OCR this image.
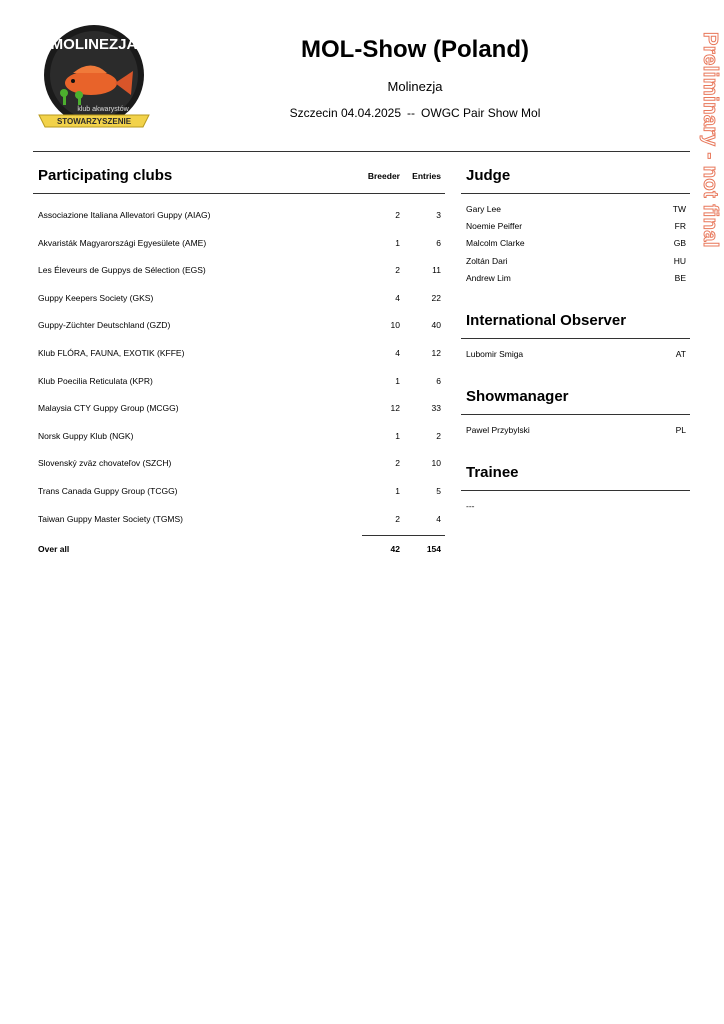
MOLINEZJA
klub akwarystów
STOWARZYSZENIE
MOL-Show (Poland)
Molinezja
Szczecin 04.04.2025 -- OWGC Pair Show Mol	Preliminary - not final
Participating clubs	Breeder Entries
Associazione Italiana Allevatori Guppy (AIAG)	2	3
Akvaristák Magyarországi Egyesülete (AME)	1	6
Les Éleveurs de Guppys de Sélection (EGS)	2	11
Guppy Keepers Society (GKS)	4	22
Guppy-Züchter Deutschland (GZD)	10	40
Klub FLÓRA, FAUNA, EXOTIK (KFFE)	4	12
Klub Poecilia Reticulata (KPR)	1	6
Malaysia CTY Guppy Group (MCGG)	12	33
Norsk Guppy Klub (NGK)	1	2
Slovenský zväz chovateľov (SZCH)	2	10
Trans Canada Guppy Group (TCGG)	1	5
Taiwan Guppy Master Society (TGMS)	2	4
Over all	42	154
Judge
Gary Lee	TW
Noemie Peiffer	FR
Malcolm Clarke	GB
Zoltán Dari	HU
Andrew Lim	BE
International Observer
Lubomir Smiga	AT
Showmanager
Pawel Przybylski	PL
Trainee
---
